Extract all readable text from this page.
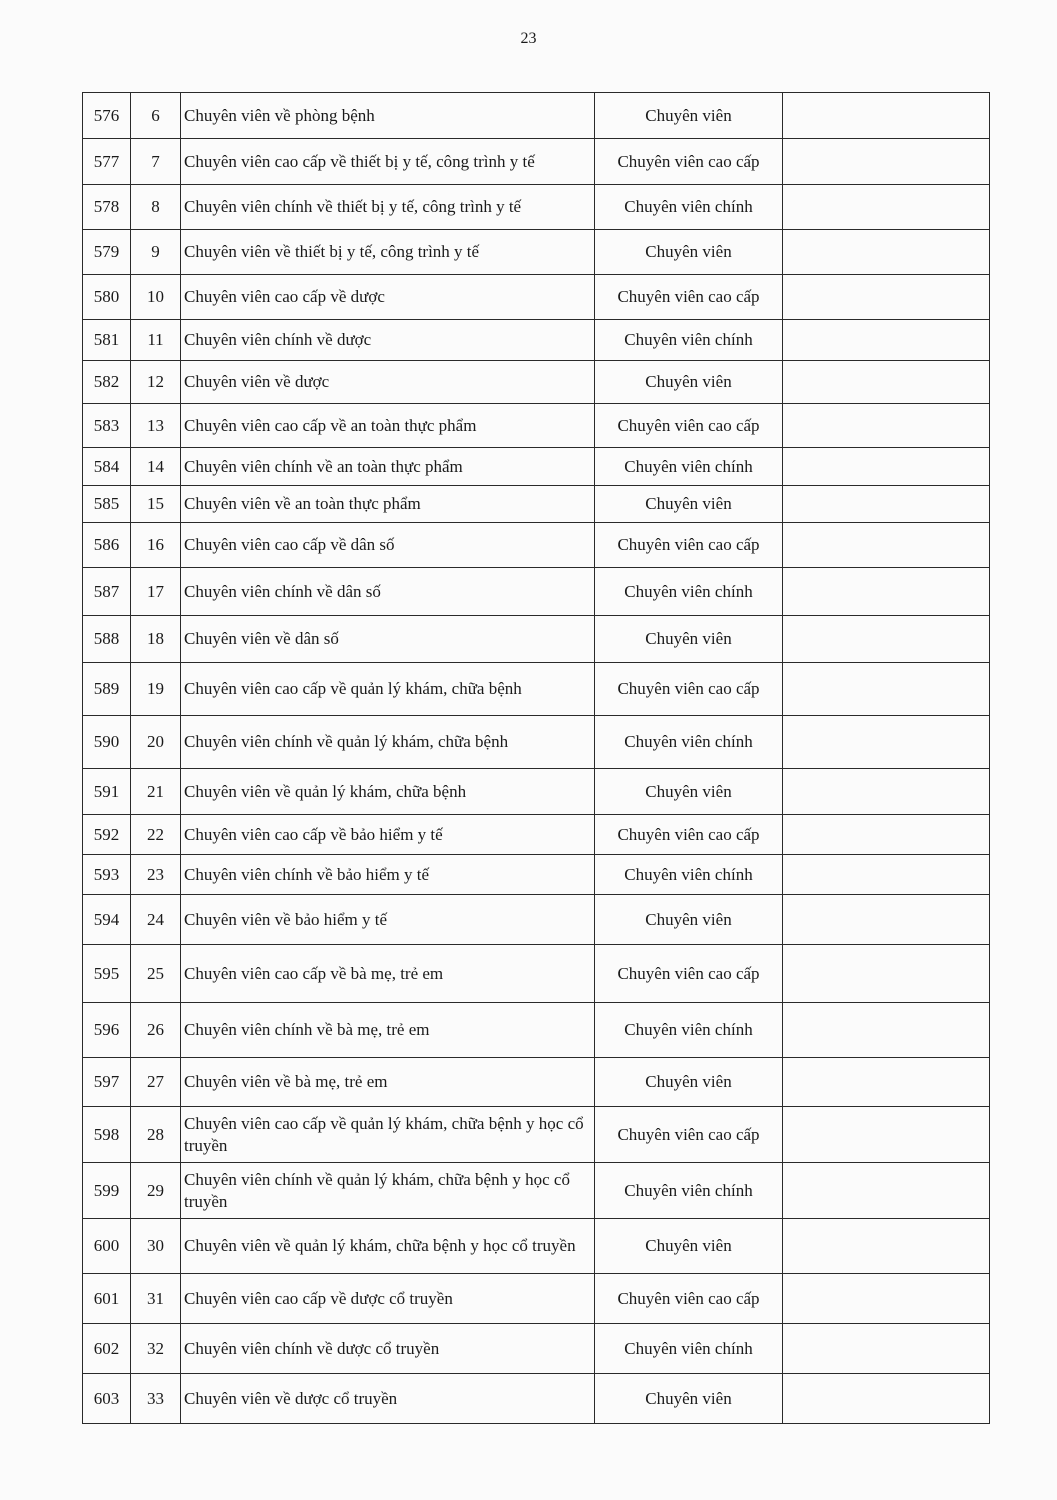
23
576	6	Chuyên viên về phòng bệnh	Chuyên viên	
577	7	Chuyên viên cao cấp về thiết bị y tế, công trình y tế	Chuyên viên cao cấp	
578	8	Chuyên viên chính về thiết bị y tế, công trình y tế	Chuyên viên chính	
579	9	Chuyên viên về thiết bị y tế, công trình y tế	Chuyên viên	
580	10	Chuyên viên cao cấp về dược	Chuyên viên cao cấp	
581	11	Chuyên viên chính về dược	Chuyên viên chính	
582	12	Chuyên viên về dược	Chuyên viên	
583	13	Chuyên viên cao cấp về an toàn thực phẩm	Chuyên viên cao cấp	
584	14	Chuyên viên chính về an toàn thực phẩm	Chuyên viên chính	
585	15	Chuyên viên về an toàn thực phẩm	Chuyên viên	
586	16	Chuyên viên cao cấp về dân số	Chuyên viên cao cấp	
587	17	Chuyên viên chính về dân số	Chuyên viên chính	
588	18	Chuyên viên về dân số	Chuyên viên	
589	19	Chuyên viên cao cấp về quản lý khám, chữa bệnh	Chuyên viên cao cấp	
590	20	Chuyên viên chính về quản lý khám, chữa bệnh	Chuyên viên chính	
591	21	Chuyên viên về quản lý khám, chữa bệnh	Chuyên viên	
592	22	Chuyên viên cao cấp về bảo hiểm y tế	Chuyên viên cao cấp	
593	23	Chuyên viên chính về bảo hiểm y tế	Chuyên viên chính	
594	24	Chuyên viên về bảo hiểm y tế	Chuyên viên	
595	25	Chuyên viên cao cấp về bà mẹ, trẻ em	Chuyên viên cao cấp	
596	26	Chuyên viên chính về bà mẹ, trẻ em	Chuyên viên chính	
597	27	Chuyên viên về bà mẹ, trẻ em	Chuyên viên	
598	28	Chuyên viên cao cấp về quản lý khám, chữa bệnh y học cổ truyền	Chuyên viên cao cấp	
599	29	Chuyên viên chính về quản lý khám, chữa bệnh y học cổ truyền	Chuyên viên chính	
600	30	Chuyên viên về quản lý khám, chữa bệnh y học cổ truyền	Chuyên viên	
601	31	Chuyên viên cao cấp về dược cổ truyền	Chuyên viên cao cấp	
602	32	Chuyên viên chính về dược cổ truyền	Chuyên viên chính	
603	33	Chuyên viên về dược cổ truyền	Chuyên viên	
